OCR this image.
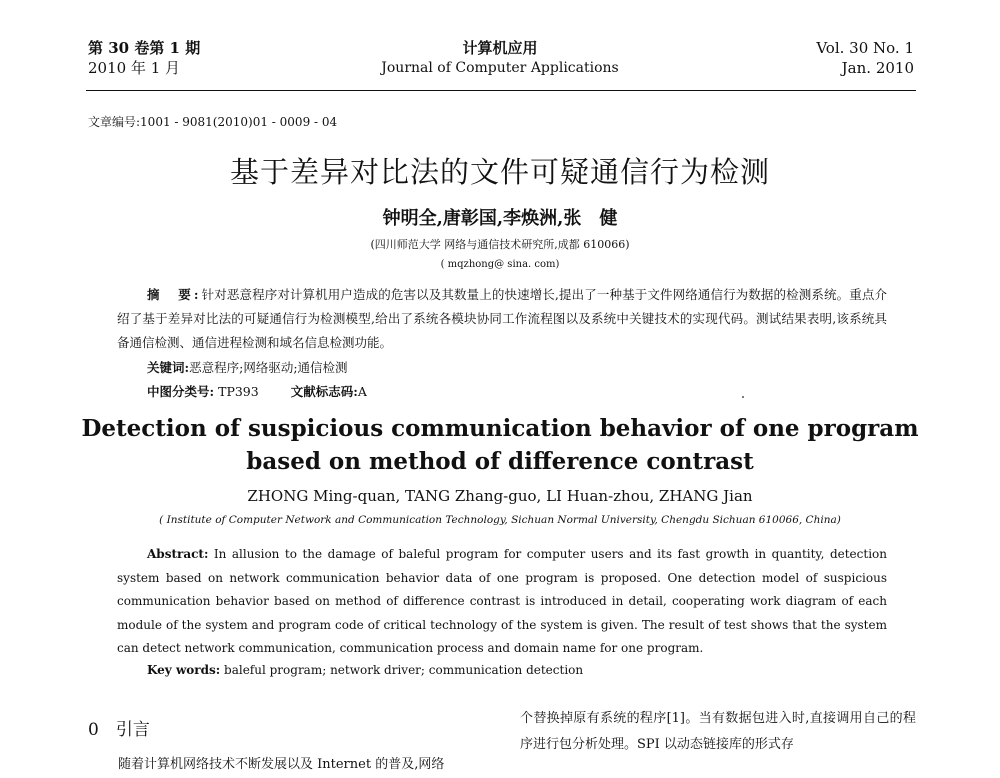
第 30 卷第 1 期
2010 年 1 月
计算机应用
Journal of Computer Applications
Vol. 30 No. 1
Jan. 2010
文章编号:1001 - 9081(2010)01 - 0009 - 04
基于差异对比法的文件可疑通信行为检测
钟明全,唐彰国,李焕洲,张　健
(四川师范大学 网络与通信技术研究所,成都 610066)
( mqzhong@ sina. com)
摘　要:针对恶意程序对计算机用户造成的危害以及其数量上的快速增长,提出了一种基于文件网络通信行为数据的检测系统。重点介绍了基于差异对比法的可疑通信行为检测模型,给出了系统各模块协同工作流程图以及系统中关键技术的实现代码。测试结果表明,该系统具备通信检测、通信进程检测和域名信息检测功能。
关键词:恶意程序;网络驱动;通信检测
中图分类号: TP393	文献标志码:A
Detection of suspicious communication behavior of one program
based on method of difference contrast
ZHONG Ming-quan, TANG Zhang-guo, LI Huan-zhou, ZHANG Jian
( Institute of Computer Network and Communication Technology, Sichuan Normal University, Chengdu Sichuan 610066, China)
Abstract: In allusion to the damage of baleful program for computer users and its fast growth in quantity, detection system based on network communication behavior data of one program is proposed. One detection model of suspicious communication behavior based on method of difference contrast is introduced in detail, cooperating work diagram of each module of the system and program code of critical technology of the system is given. The result of test shows that the system can detect network communication, communication process and domain name for one program.
Key words: baleful program; network driver; communication detection
0　引言
个替换掉原有系统的程序[1]。当有数据包进入时,直接调用自己的程序进行包分析处理。SPI 以动态链接库的形式存
随着计算机网络技术不断发展以及 Internet 的普及,网络
